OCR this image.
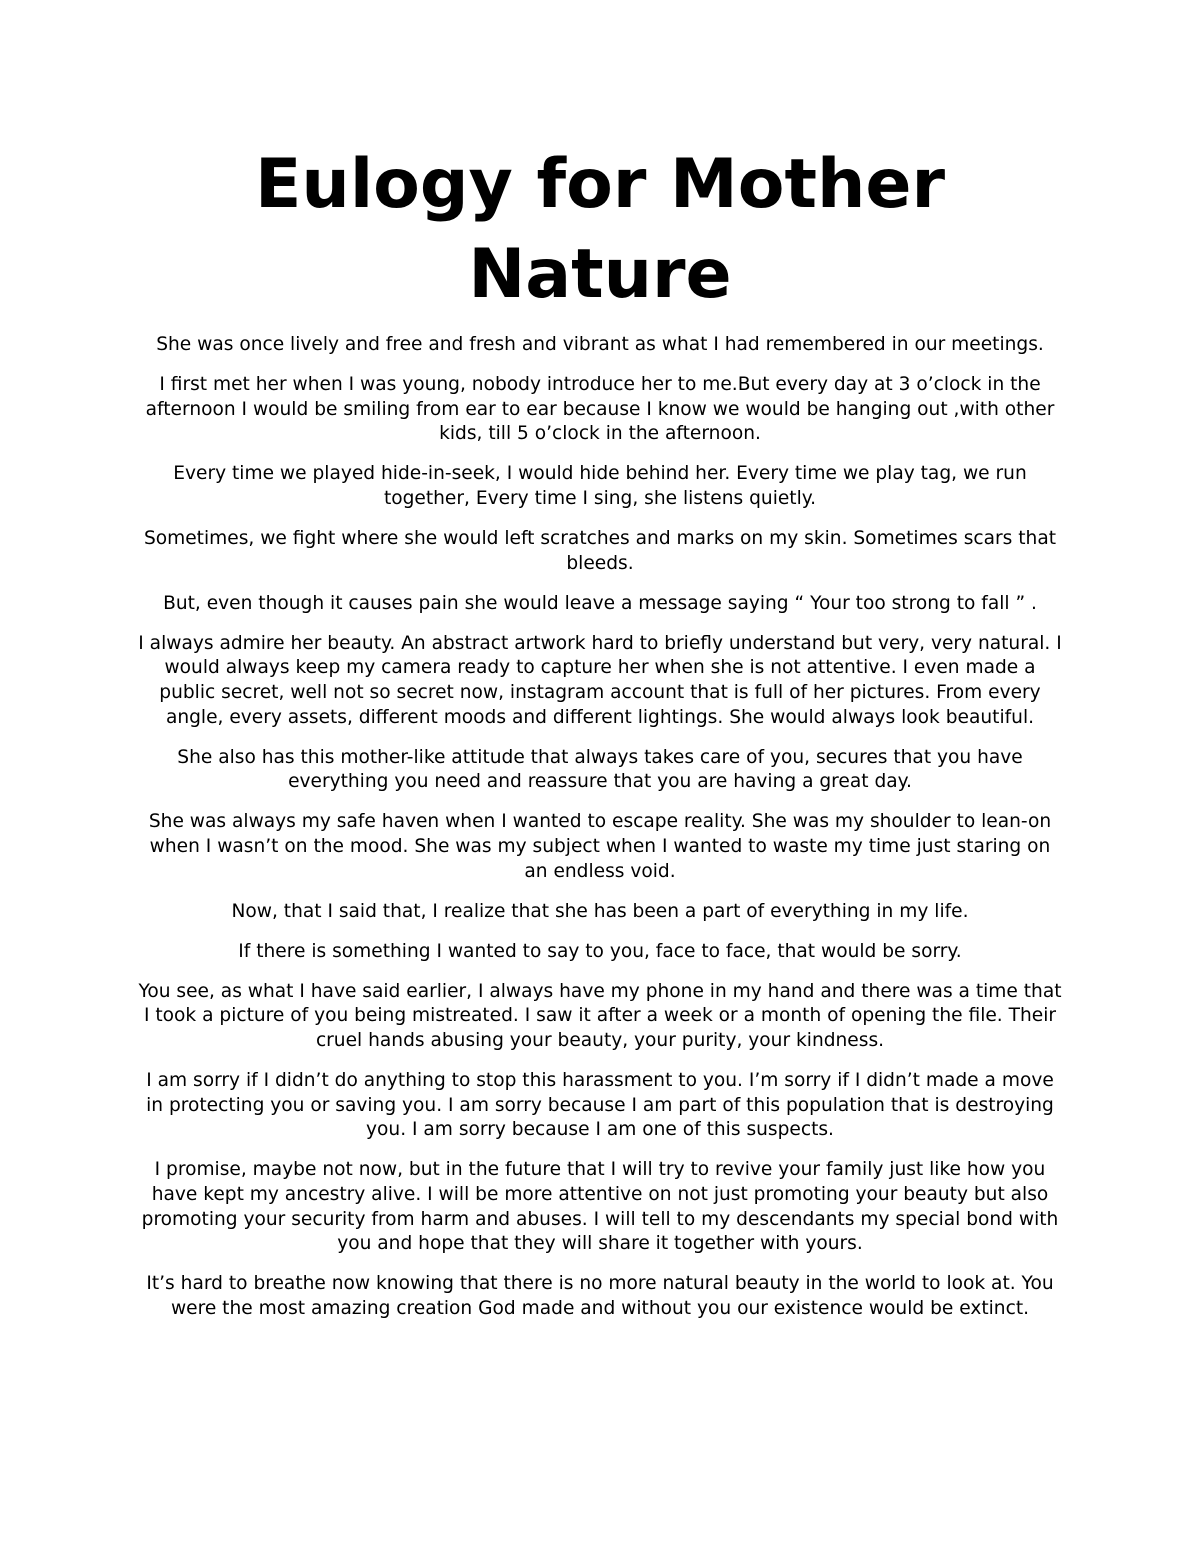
Eulogy for Mother
Nature

She was once lively and free and fresh and vibrant as what I had remembered in our meetings.

I first met her when I was young, nobody introduce her to me.But every day at 3 o’clock in the afternoon I would be smiling from ear to ear because I know we would be hanging out ,with other kids, till 5 o’clock in the afternoon.

Every time we played hide-in-seek, I would hide behind her. Every time we play tag, we run together, Every time I sing, she listens quietly.

Sometimes, we fight where she would left scratches and marks on my skin. Sometimes scars that bleeds.

But, even though it causes pain she would leave a message saying “ Your too strong to fall ” .

I always admire her beauty. An abstract artwork hard to briefly understand but very, very natural. I would always keep my camera ready to capture her when she is not attentive. I even made a public secret, well not so secret now, instagram account that is full of her pictures. From every angle, every assets, different moods and different lightings. She would always look beautiful.

She also has this mother-like attitude that always takes care of you, secures that you have everything you need and reassure that you are having a great day.

She was always my safe haven when I wanted to escape reality. She was my shoulder to lean-on when I wasn’t on the mood. She was my subject when I wanted to waste my time just staring on an endless void.

Now, that I said that, I realize that she has been a part of everything in my life.

If there is something I wanted to say to you, face to face, that would be sorry.

You see, as what I have said earlier, I always have my phone in my hand and there was a time that I took a picture of you being mistreated. I saw it after a week or a month of opening the file. Their cruel hands abusing your beauty, your purity, your kindness.

I am sorry if I didn’t do anything to stop this harassment to you. I’m sorry if I didn’t made a move in protecting you or saving you. I am sorry because I am part of this population that is destroying you. I am sorry because I am one of this suspects.

I promise, maybe not now, but in the future that I will try to revive your family just like how you have kept my ancestry alive. I will be more attentive on not just promoting your beauty but also promoting your security from harm and abuses. I will tell to my descendants my special bond with you and hope that they will share it together with yours.

It’s hard to breathe now knowing that there is no more natural beauty in the world to look at. You were the most amazing creation God made and without you our existence would be extinct.
